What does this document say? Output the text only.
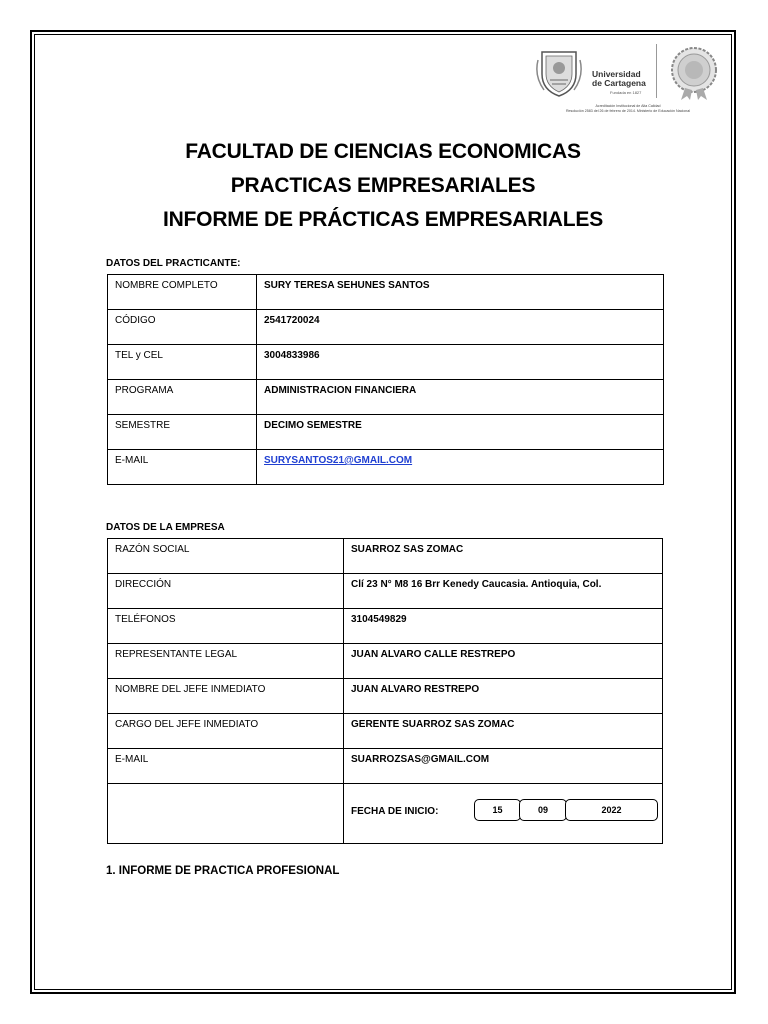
Universidad
de Cartagena
Fundada en 1827
Acreditación Institucional de Alta Calidad
Resolución 2583 del 26 de febrero de 2014. Ministerio de Educación Nacional
FACULTAD DE CIENCIAS ECONOMICAS
PRACTICAS EMPRESARIALES
INFORME DE PRÁCTICAS EMPRESARIALES
DATOS DEL PRACTICANTE:
NOMBRE COMPLETO	SURY TERESA SEHUNES SANTOS
CÓDIGO	2541720024
TEL y CEL	3004833986
PROGRAMA	ADMINISTRACION FINANCIERA
SEMESTRE	DECIMO SEMESTRE
E-MAIL	SURYSANTOS21@GMAIL.COM
DATOS DE LA EMPRESA
RAZÓN SOCIAL	SUARROZ SAS ZOMAC
DIRECCIÓN	Clí 23 N° M8 16 Brr Kenedy Caucasia. Antioquia, Col.
TELÉFONOS	3104549829
REPRESENTANTE LEGAL	JUAN ALVARO CALLE RESTREPO
NOMBRE DEL JEFE INMEDIATO	JUAN ALVARO RESTREPO
CARGO DEL JEFE INMEDIATO	GERENTE SUARROZ SAS ZOMAC
E-MAIL	SUARROZSAS@GMAIL.COM
	FECHA DE INICIO:	15	09	2022
1. INFORME DE PRACTICA PROFESIONAL
